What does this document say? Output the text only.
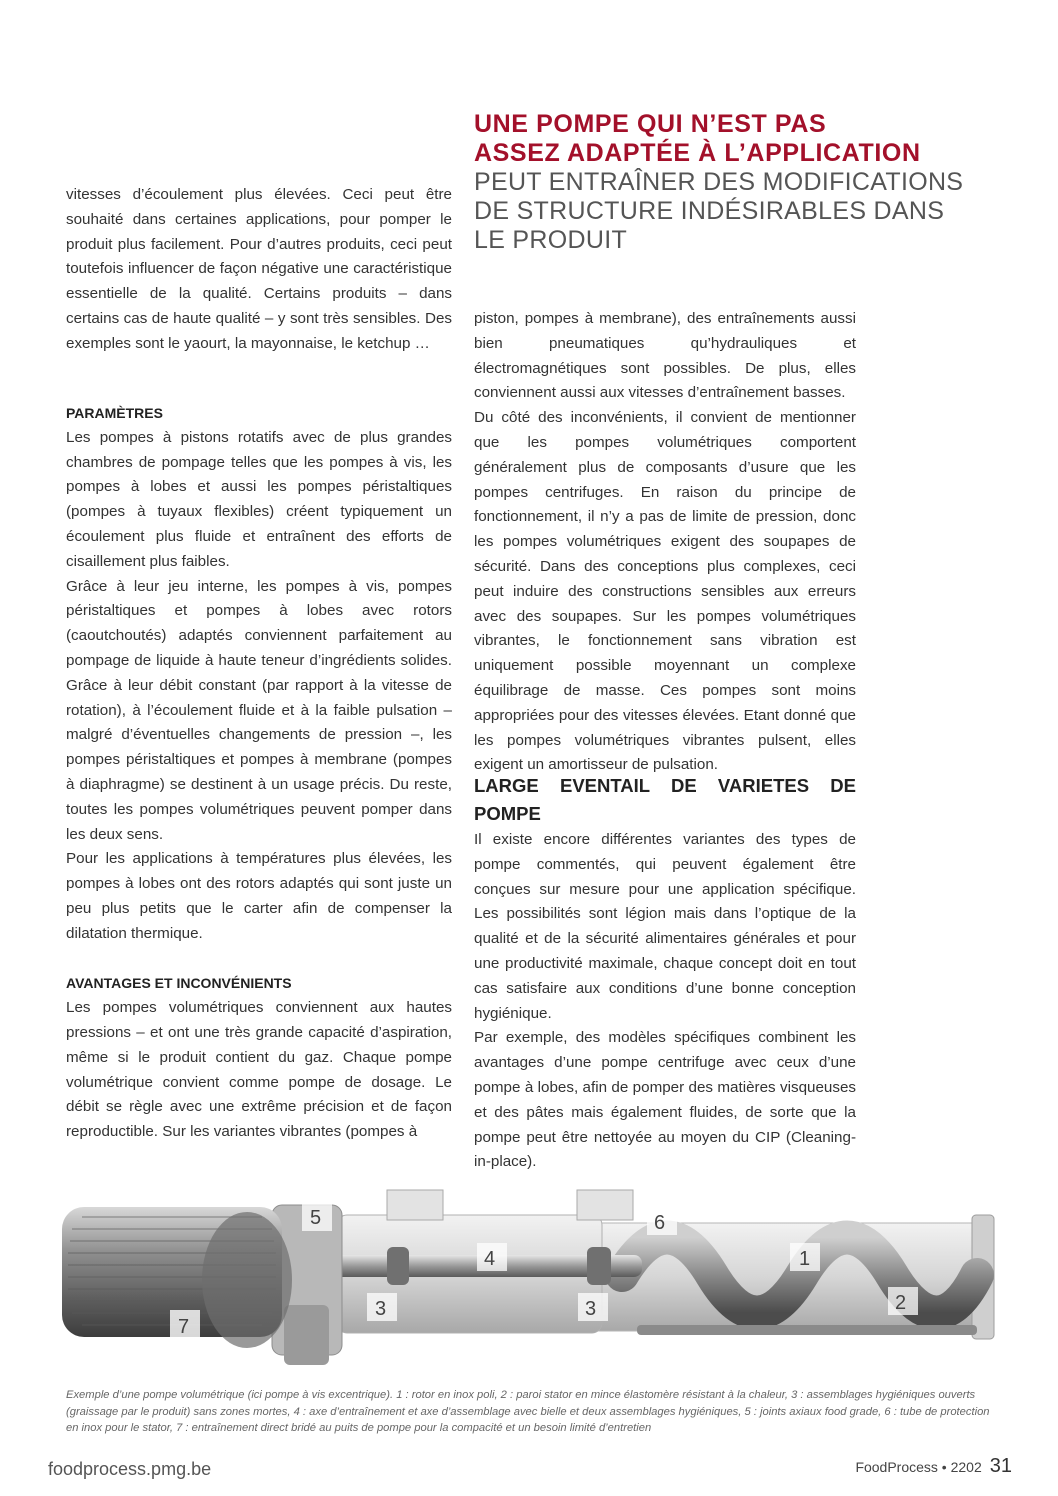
UNE POMPE QUI N’EST PAS
ASSEZ ADAPTÉE À L’APPLICATION
PEUT ENTRAÎNER DES MODIFICATIONS
DE STRUCTURE INDÉSIRABLES DANS
LE PRODUIT

vitesses d’écoulement plus élevées. Ceci peut être souhaité dans certaines applications, pour pomper le produit plus facilement. Pour d’autres produits, ceci peut toutefois influencer de façon négative une caractéristique essentielle de la qualité. Certains produits – dans certains cas de haute qualité – y sont très sensibles. Des exemples sont le yaourt, la mayonnaise, le ketchup …

PARAMÈTRES

Les pompes à pistons rotatifs avec de plus grandes chambres de pompage telles que les pompes à vis, les pompes à lobes et aussi les pompes péristaltiques (pompes à tuyaux flexibles) créent typiquement un écoulement plus fluide et entraînent des efforts de cisaillement plus faibles.

Grâce à leur jeu interne, les pompes à vis, pompes péristaltiques et pompes à lobes avec rotors (caoutchoutés) adaptés conviennent parfaitement au pompage de liquide à haute teneur d’ingrédients solides. Grâce à leur débit constant (par rapport à la vitesse de rotation), à l’écoulement fluide et à la faible pulsation – malgré d’éventuelles changements de pression –, les pompes péristaltiques et pompes à membrane (pompes à diaphragme) se destinent à un usage précis. Du reste, toutes les pompes volumétriques peuvent pomper dans les deux sens.

Pour les applications à températures plus élevées, les pompes à lobes ont des rotors adaptés qui sont juste un peu plus petits que le carter afin de compenser la dilatation thermique.

AVANTAGES ET INCONVÉNIENTS

Les pompes volumétriques conviennent aux hautes pressions – et ont une très grande capacité d’aspiration, même si le produit contient du gaz. Chaque pompe volumétrique convient comme pompe de dosage. Le débit se règle avec une extrême précision et de façon reproductible. Sur les variantes vibrantes (pompes à

piston, pompes à membrane), des entraînements aussi bien pneumatiques qu’hydrauliques et électromagnétiques sont possibles. De plus, elles conviennent aussi aux vitesses d’entraînement basses.

Du côté des inconvénients, il convient de mentionner que les pompes volumétriques comportent généralement plus de composants d’usure que les pompes centrifuges. En raison du principe de fonctionnement, il n’y a pas de limite de pression, donc les pompes volumétriques exigent des soupapes de sécurité. Dans des conceptions plus complexes, ceci peut induire des constructions sensibles aux erreurs avec des soupapes. Sur les pompes volumétriques vibrantes, le fonctionnement sans vibration est uniquement possible moyennant un complexe équilibrage de masse. Ces pompes sont moins appropriées pour des vitesses élevées. Etant donné que les pompes volumétriques vibrantes pulsent, elles exigent un amortisseur de pulsation.

LARGE EVENTAIL DE VARIETES DE POMPE

Il existe encore différentes variantes des types de pompe commentés, qui peuvent également être conçues sur mesure pour une application spécifique. Les possibilités sont légion mais dans l’optique de la qualité et de la sécurité alimentaires générales et pour une productivité maximale, chaque concept doit en tout cas satisfaire aux conditions d’une bonne conception hygiénique.

Par exemple, des modèles spécifiques combinent les avantages d’une pompe centrifuge avec ceux d’une pompe à lobes, afin de pomper des matières visqueuses et des pâtes mais également fluides, de sorte que la pompe peut être nettoyée au moyen du CIP (Cleaning-in-place).

5	6
4	1
3	3	2
7
Exemple d’une pompe volumétrique (ici pompe à vis excentrique). 1 : rotor en inox poli, 2 : paroi stator en mince élastomère résistant à la chaleur, 3 : assemblages hygiéniques ouverts (graissage par le produit) sans zones mortes, 4 : axe d’entraînement et axe d’assemblage avec bielle et deux assemblages hygiéniques, 5 : joints axiaux food grade, 6 : tube de protection en inox pour le stator, 7 : entraînement direct bridé au puits de pompe pour la compacité et un besoin limité d’entretien
foodprocess.pmg.be	FoodProcess • 2202 31
